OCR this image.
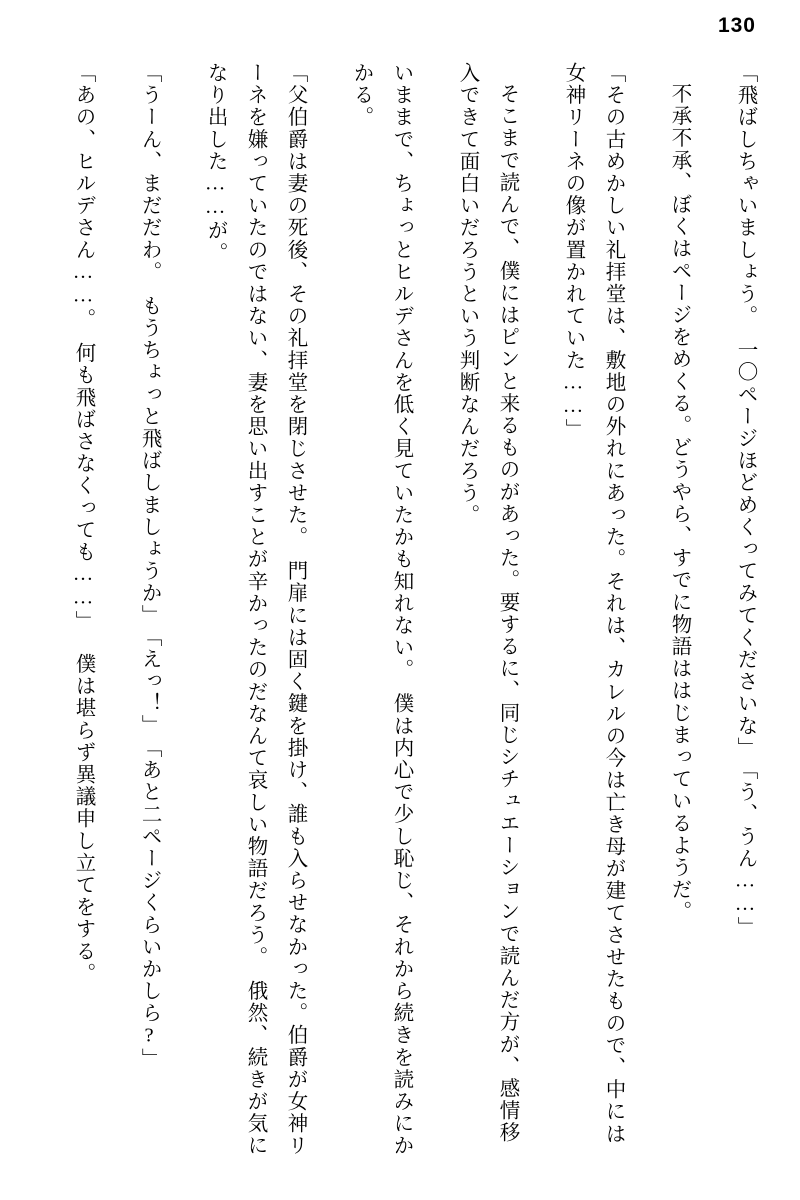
130

「飛ばしちゃいましょう。　一〇ページほどめくってみてくださいな」

「う、うん……」

不承不承、ぼくはページをめくる。どうやら、すでに物語ははじまっているようだ。

「その古めかしい礼拝堂は、敷地の外れにあった。それは、カレルの今は亡き母が建てさせたもので、中には女神リーネの像が置かれていた……」

そこまで読んで、僕にはピンと来るものがあった。要するに、同じシチュエーションで読んだ方が、感情移入できて面白いだろうという判断なんだろう。

いままで、ちょっとヒルデさんを低く見ていたかも知れない。　僕は内心で少し恥じ、それから続きを読みにかかる。

「父伯爵は妻の死後、その礼拝堂を閉じさせた。　門扉には固く鍵を掛け、誰も入らせなかった。伯爵が女神リーネを嫌っていたのではない、妻を思い出すことが辛かったのだなんて哀しい物語だろう。　俄然、続きが気になり出した……が。

「うーん、まだだわ。　もうちょっと飛ばしましょうか」

「えっ！」

「あと二ページくらいかしら?」

「あの、ヒルデさん……。　何も飛ばさなくっても……」

僕は堪らず異議申し立てをする。
